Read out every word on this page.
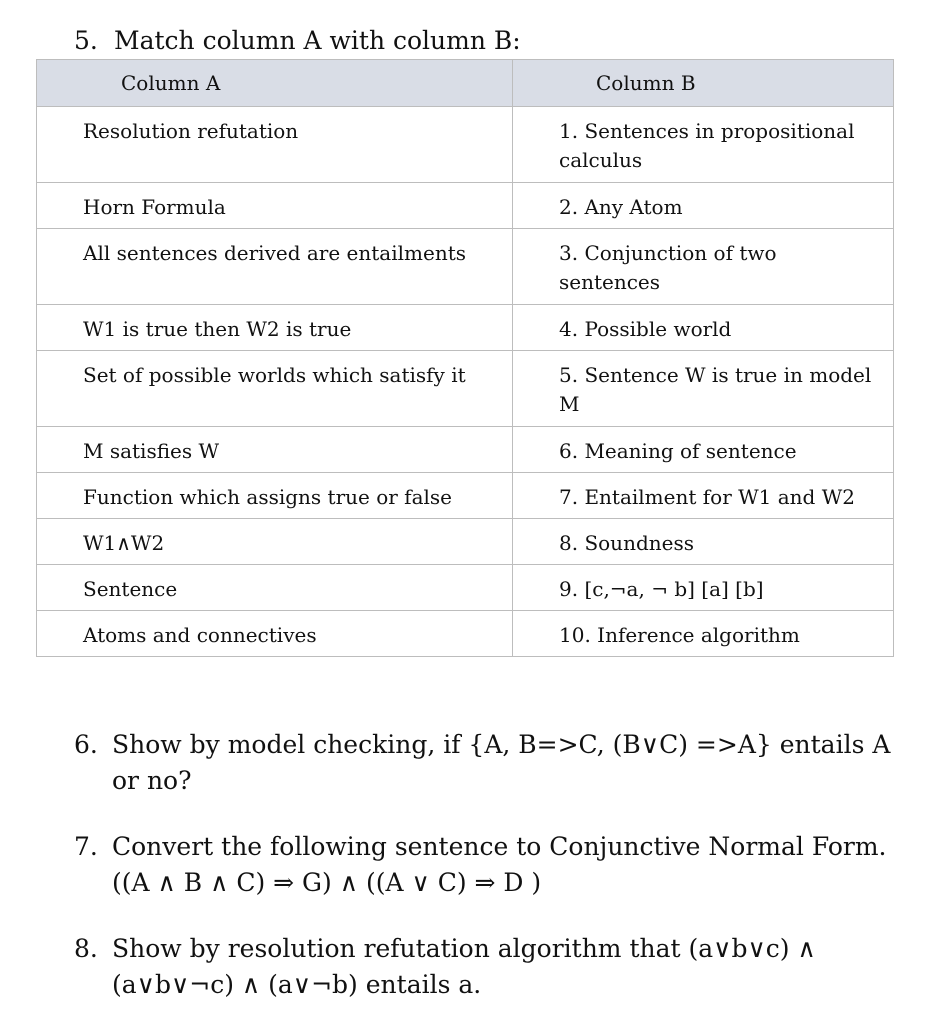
5. Match column A with column B:
Column A	Column B
Resolution refutation	1. Sentences in propositional calculus
Horn Formula	2. Any Atom
All sentences derived are entailments	3. Conjunction of two sentences
W1 is true then W2 is true	4. Possible world
Set of possible worlds which satisfy it	5. Sentence W is true in model M
M satisfies W	6. Meaning of sentence
Function which assigns true or false	7. Entailment for W1 and W2
W1∧W2	8. Soundness
Sentence	9. [c,¬a, ¬ b] [a] [b]
Atoms and connectives	10. Inference algorithm
6. Show by model checking, if {A, B=>C, (B∨C) =>A} entails A or no?
7. Convert the following sentence to Conjunctive Normal Form.
((A ∧ B ∧ C) ⇒ G) ∧ ((A ∨ C) ⇒ D )
8. Show by resolution refutation algorithm that (a∨b∨c) ∧ (a∨b∨¬c) ∧ (a∨¬b) entails a.
